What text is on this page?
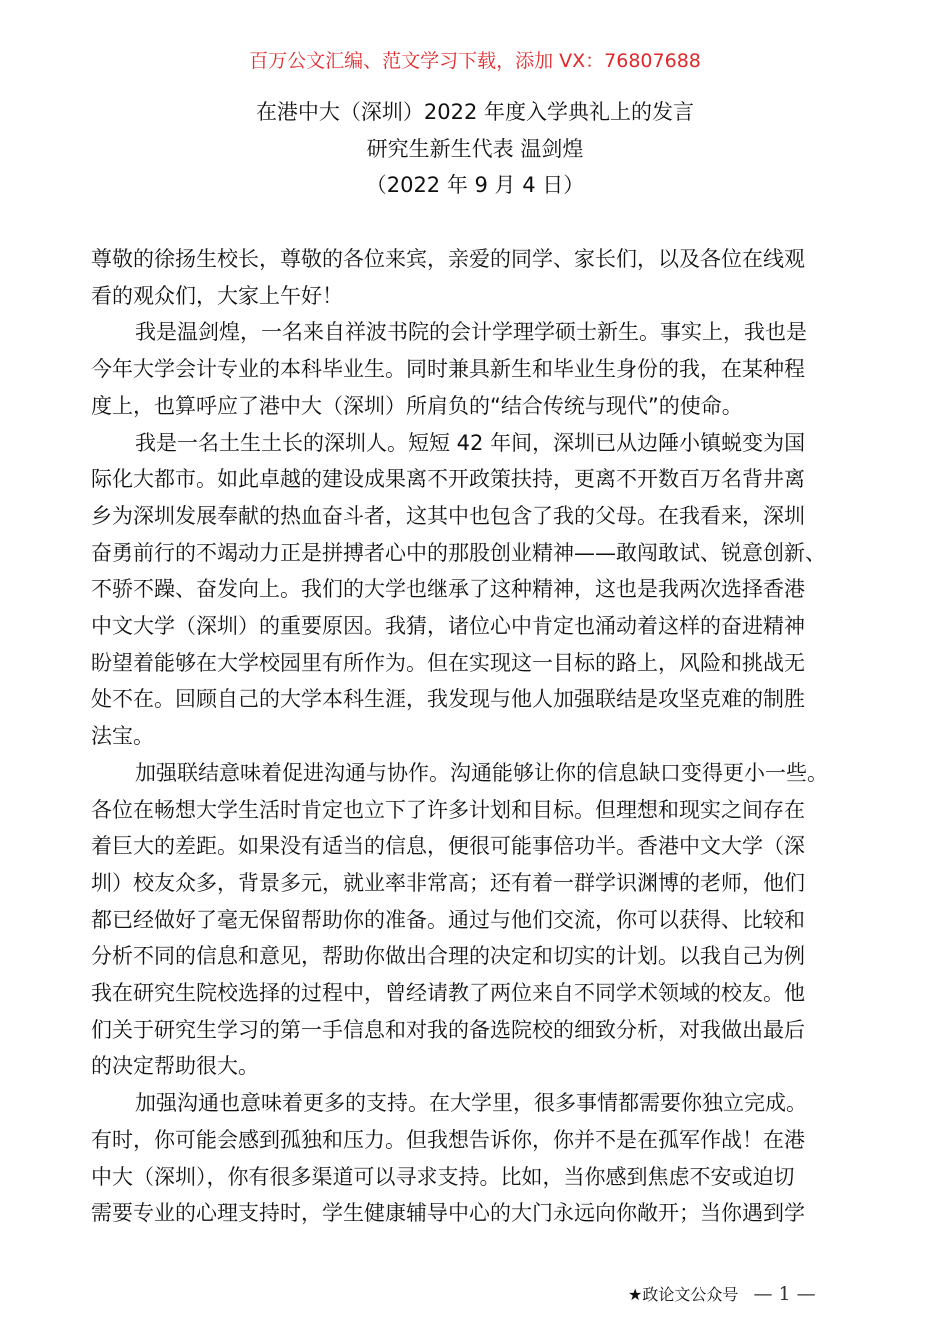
百万公文汇编、范文学习下载，添加 VX：76807688
在港中大（深圳）2022 年度入学典礼上的发言
研究生新生代表 温剑煌
（2022 年 9 月 4 日）
尊敬的徐扬生校长，尊敬的各位来宾，亲爱的同学、家长们，以及各位在线观
看的观众们，大家上午好！
我是温剑煌，一名来自祥波书院的会计学理学硕士新生。事实上，我也是
今年大学会计专业的本科毕业生。同时兼具新生和毕业生身份的我，在某种程
度上，也算呼应了港中大（深圳）所肩负的“结合传统与现代”的使命。
我是一名土生土长的深圳人。短短 42 年间，深圳已从边陲小镇蜕变为国
际化大都市。如此卓越的建设成果离不开政策扶持，更离不开数百万名背井离
乡为深圳发展奉献的热血奋斗者，这其中也包含了我的父母。在我看来，深圳
奋勇前行的不竭动力正是拼搏者心中的那股创业精神——敢闯敢试、锐意创新、
不骄不躁、奋发向上。我们的大学也继承了这种精神，这也是我两次选择香港
中文大学（深圳）的重要原因。我猜，诸位心中肯定也涌动着这样的奋进精神
盼望着能够在大学校园里有所作为。但在实现这一目标的路上，风险和挑战无
处不在。回顾自己的大学本科生涯，我发现与他人加强联结是攻坚克难的制胜
法宝。
加强联结意味着促进沟通与协作。沟通能够让你的信息缺口变得更小一些。
各位在畅想大学生活时肯定也立下了许多计划和目标。但理想和现实之间存在
着巨大的差距。如果没有适当的信息，便很可能事倍功半。香港中文大学（深
圳）校友众多，背景多元，就业率非常高；还有着一群学识渊博的老师，他们
都已经做好了毫无保留帮助你的准备。通过与他们交流，你可以获得、比较和
分析不同的信息和意见，帮助你做出合理的决定和切实的计划。以我自己为例
我在研究生院校选择的过程中，曾经请教了两位来自不同学术领域的校友。他
们关于研究生学习的第一手信息和对我的备选院校的细致分析，对我做出最后
的决定帮助很大。
加强沟通也意味着更多的支持。在大学里，很多事情都需要你独立完成。
有时，你可能会感到孤独和压力。但我想告诉你，你并不是在孤军作战！在港
中大（深圳），你有很多渠道可以寻求支持。比如，当你感到焦虑不安或迫切
需要专业的心理支持时，学生健康辅导中心的大门永远向你敞开；当你遇到学
★政论文公众号 — 1 —
